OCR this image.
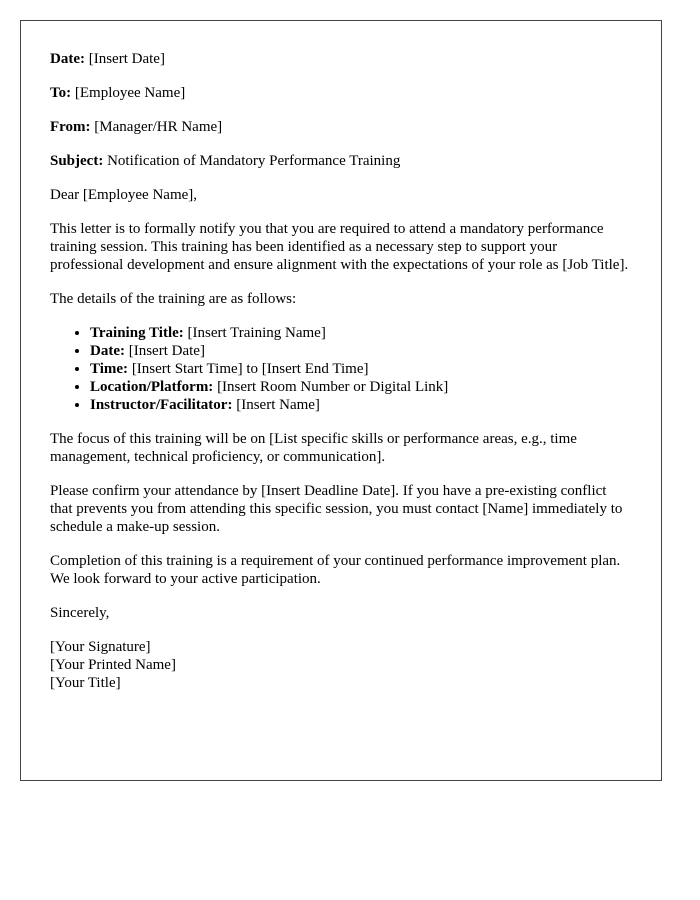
Date: [Insert Date]

To: [Employee Name]

From: [Manager/HR Name]

Subject: Notification of Mandatory Performance Training

Dear [Employee Name],

This letter is to formally notify you that you are required to attend a mandatory performance training session. This training has been identified as a necessary step to support your professional development and ensure alignment with the expectations of your role as [Job Title].

The details of the training are as follows:

• Training Title: [Insert Training Name]
• Date: [Insert Date]
• Time: [Insert Start Time] to [Insert End Time]
• Location/Platform: [Insert Room Number or Digital Link]
• Instructor/Facilitator: [Insert Name]

The focus of this training will be on [List specific skills or performance areas, e.g., time management, technical proficiency, or communication].

Please confirm your attendance by [Insert Deadline Date]. If you have a pre-existing conflict that prevents you from attending this specific session, you must contact [Name] immediately to schedule a make-up session.

Completion of this training is a requirement of your continued performance improvement plan. We look forward to your active participation.

Sincerely,

[Your Signature]
[Your Printed Name]
[Your Title]
